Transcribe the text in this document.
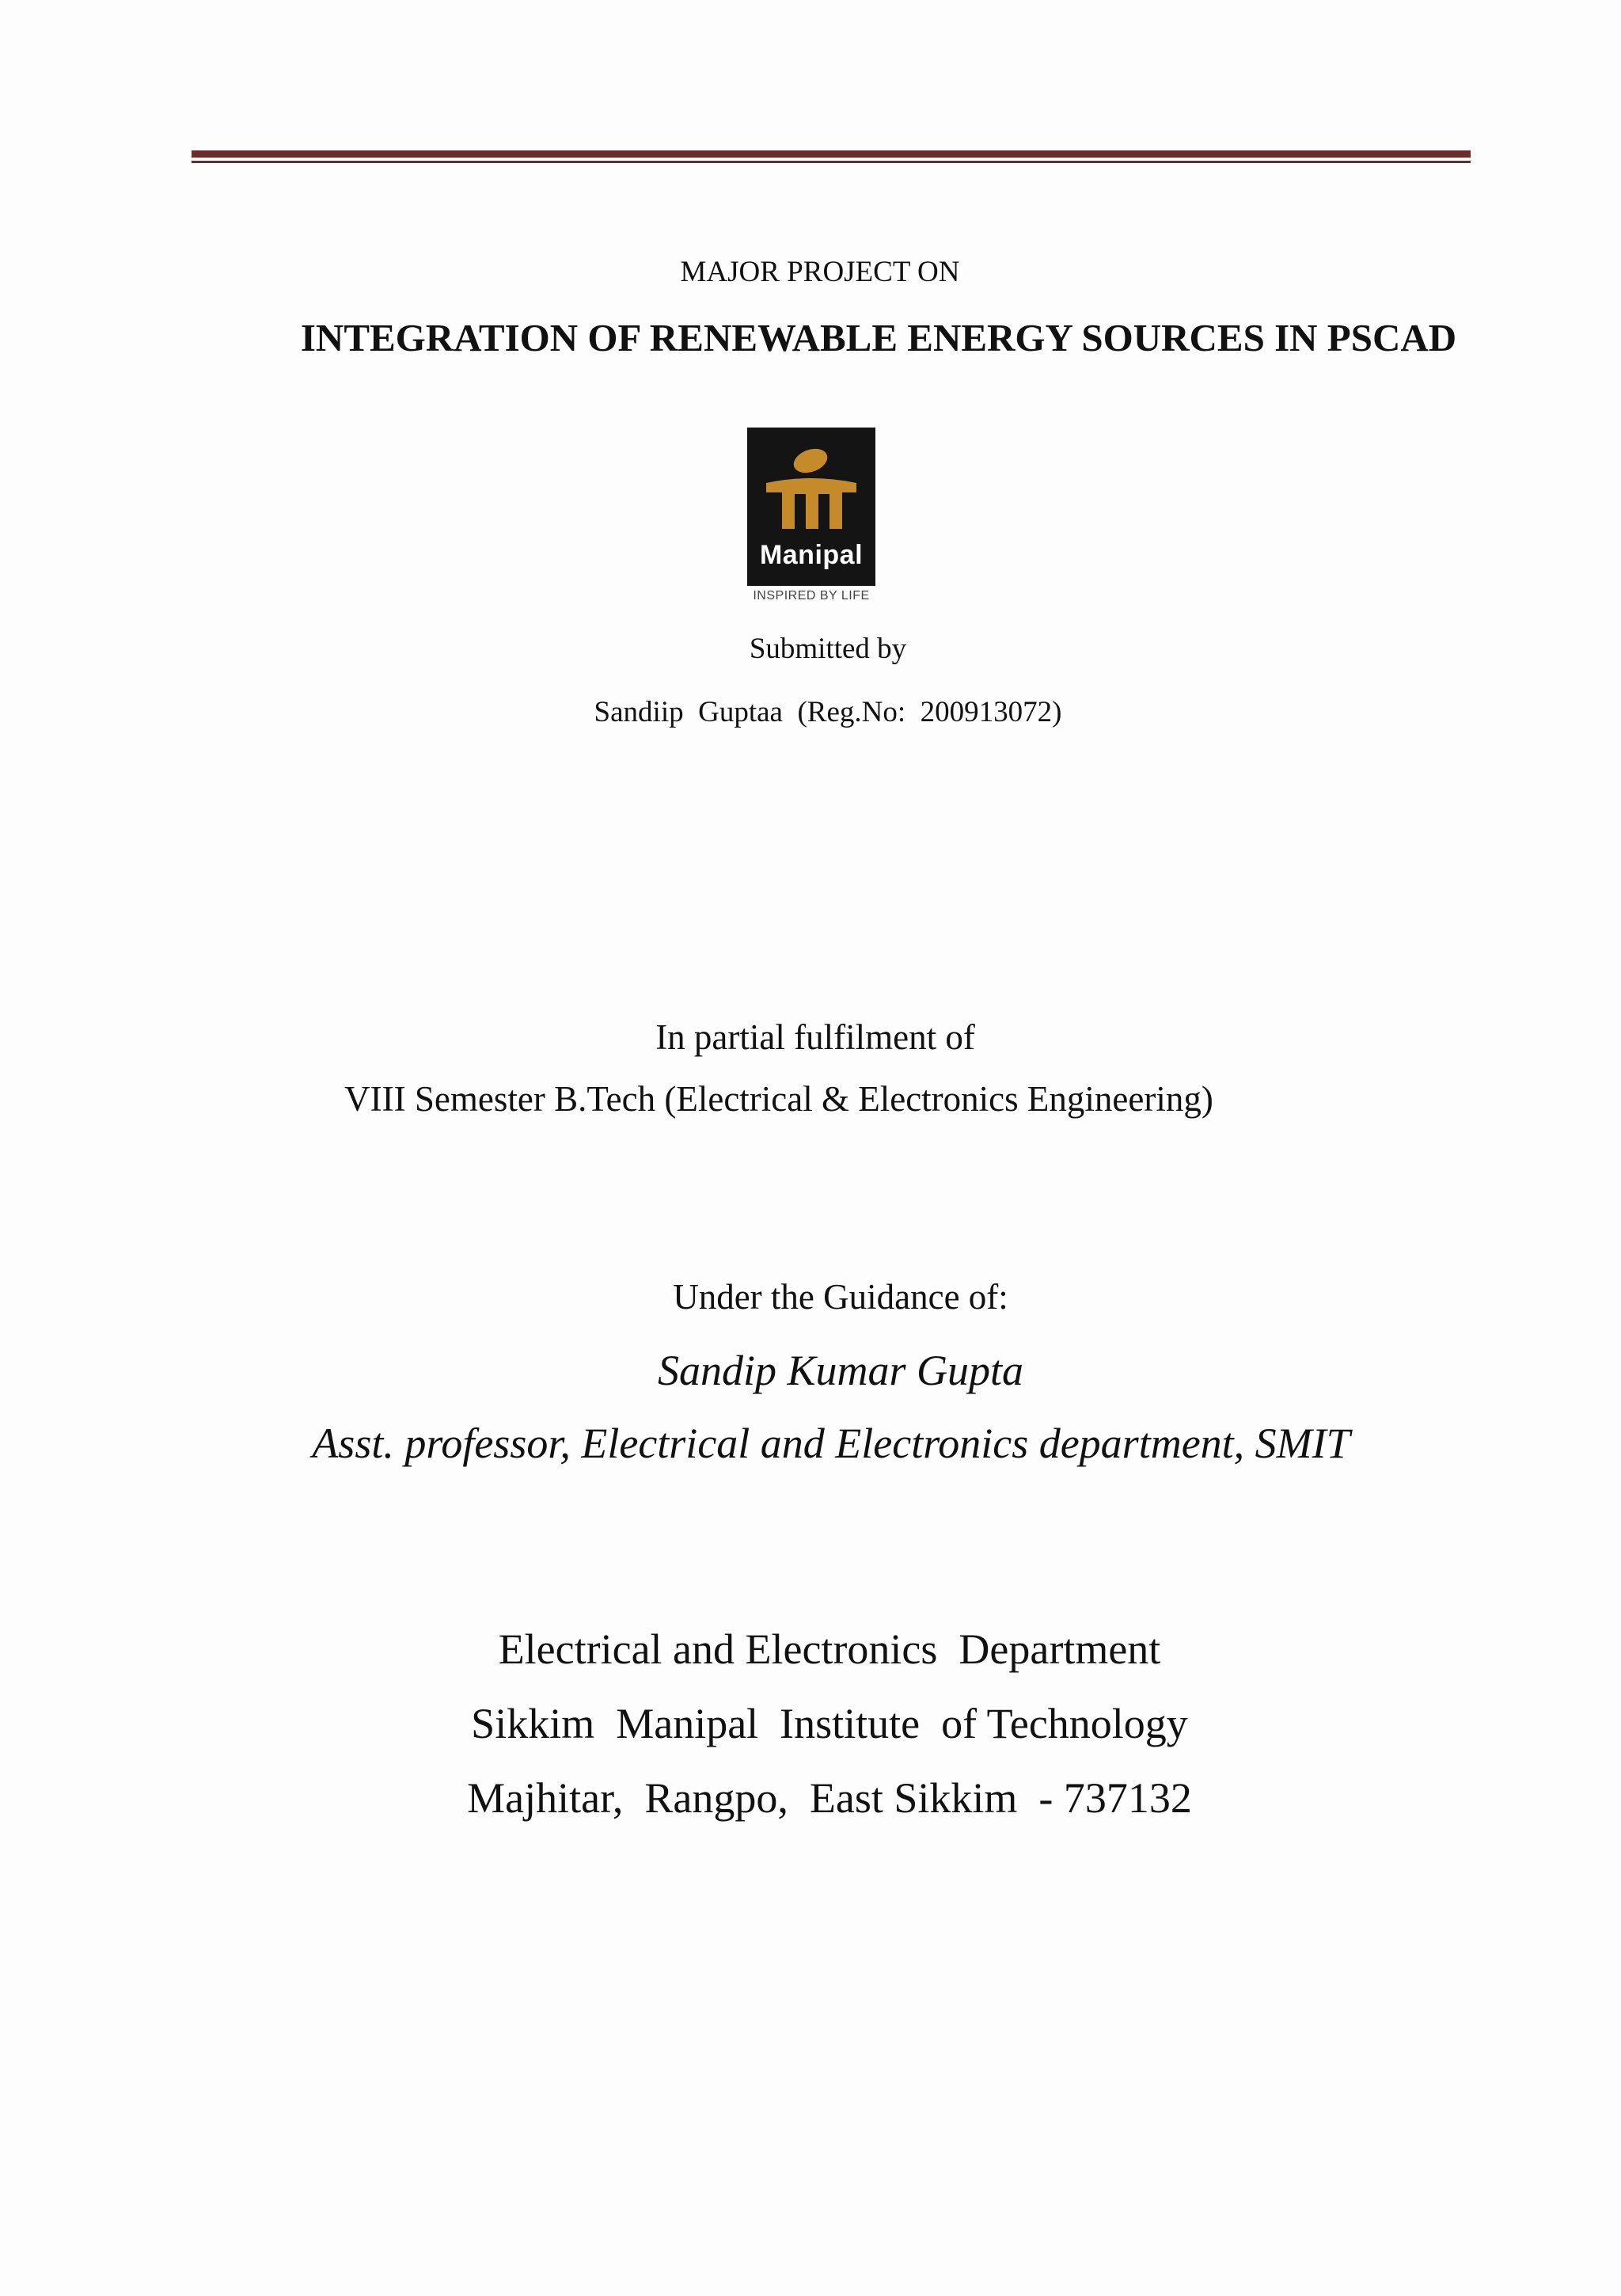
MAJOR PROJECT ON
INTEGRATION OF RENEWABLE ENERGY SOURCES IN PSCAD
Manipal
INSPIRED BY LIFE
Submitted by
Sandiip  Guptaa  (Reg.No:  200913072)
In partial fulfilment of
VIII Semester B.Tech (Electrical & Electronics Engineering)
Under the Guidance of:
Sandip Kumar Gupta
Asst. professor, Electrical and Electronics department, SMIT
Electrical and Electronics  Department
Sikkim  Manipal  Institute  of Technology
Majhitar,  Rangpo,  East Sikkim  - 737132
